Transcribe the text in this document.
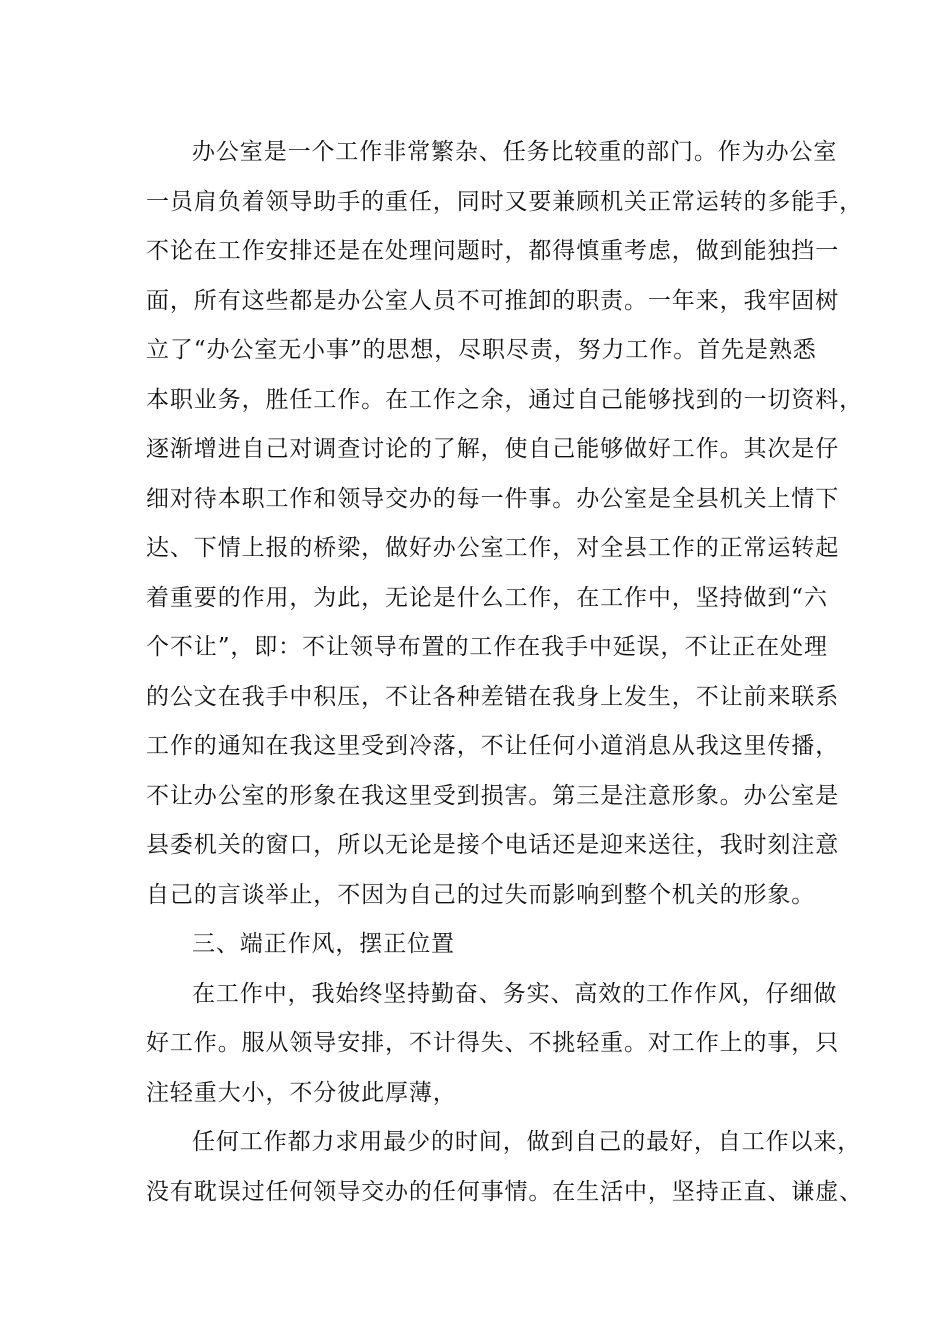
办公室是一个工作非常繁杂、任务比较重的部门。作为办公室
一员肩负着领导助手的重任，同时又要兼顾机关正常运转的多能手，
不论在工作安排还是在处理问题时，都得慎重考虑，做到能独挡一
面，所有这些都是办公室人员不可推卸的职责。一年来，我牢固树
立了“办公室无小事”的思想，尽职尽责，努力工作。首先是熟悉
本职业务，胜任工作。在工作之余，通过自己能够找到的一切资料，
逐渐增进自己对调查讨论的了解，使自己能够做好工作。其次是仔
细对待本职工作和领导交办的每一件事。办公室是全县机关上情下
达、下情上报的桥梁，做好办公室工作，对全县工作的正常运转起
着重要的作用，为此，无论是什么工作，在工作中，坚持做到“六
个不让”，即：不让领导布置的工作在我手中延误，不让正在处理
的公文在我手中积压，不让各种差错在我身上发生，不让前来联系
工作的通知在我这里受到冷落，不让任何小道消息从我这里传播，
不让办公室的形象在我这里受到损害。第三是注意形象。办公室是
县委机关的窗口，所以无论是接个电话还是迎来送往，我时刻注意
自己的言谈举止，不因为自己的过失而影响到整个机关的形象。
三、端正作风，摆正位置
在工作中，我始终坚持勤奋、务实、高效的工作作风，仔细做
好工作。服从领导安排，不计得失、不挑轻重。对工作上的事，只
注轻重大小，不分彼此厚薄，
任何工作都力求用最少的时间，做到自己的最好，自工作以来，
没有耽误过任何领导交办的任何事情。在生活中，坚持正直、谦虚、
